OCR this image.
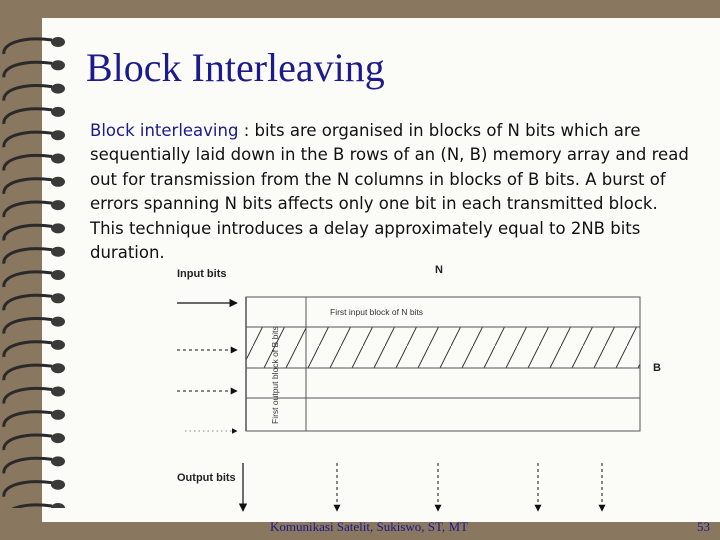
Block Interleaving
Block interleaving : bits are organised in blocks of N bits which are sequentially laid down in the B rows of an (N, B) memory array and read out for transmission from the N columns in blocks of B bits. A burst of errors spanning N bits affects only one bit in each transmitted block. This technique introduces a delay approximately equal to 2NB bits duration.
Input bits	N
B
Output bits
First input block of N bits
First output block of B bits
Komunikasi Satelit, Sukiswo, ST, MT	53
